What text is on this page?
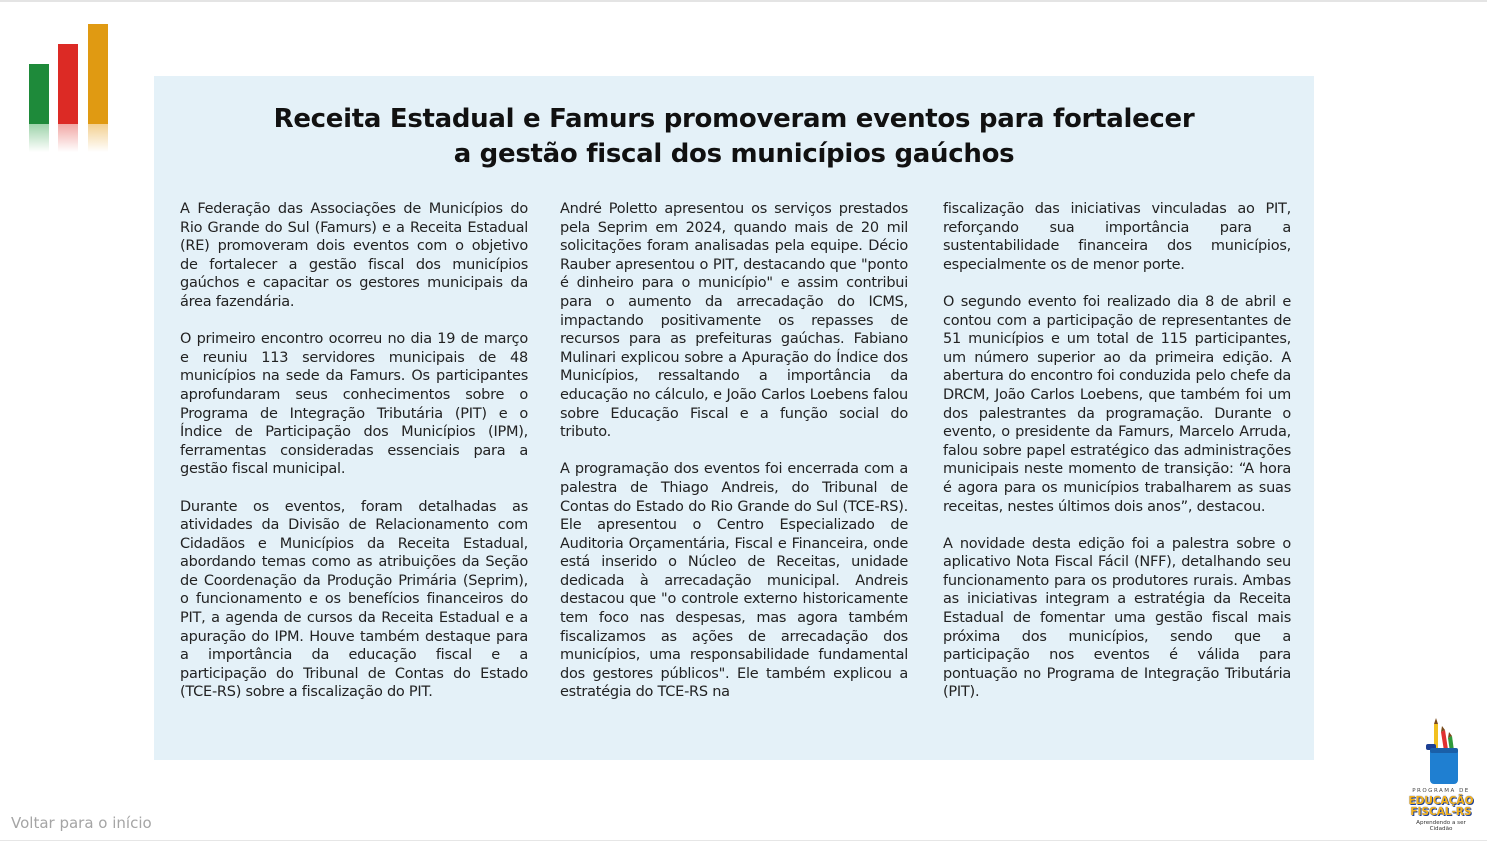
Receita Estadual e Famurs promoveram eventos para fortalecer
a gestão fiscal dos municípios gaúchos

A Federação das Associações de Municípios do Rio Grande do Sul (Famurs) e a Receita Estadual (RE) promoveram dois eventos com o objetivo de fortalecer a gestão fiscal dos municípios gaúchos e capacitar os gestores municipais da área fazendária.

O primeiro encontro ocorreu no dia 19 de março e reuniu 113 servidores municipais de 48 municípios na sede da Famurs. Os participantes aprofundaram seus conhecimentos sobre o Programa de Integração Tributária (PIT) e o Índice de Participação dos Municípios (IPM), ferramentas consideradas essenciais para a gestão fiscal municipal.

Durante os eventos, foram detalhadas as atividades da Divisão de Relacionamento com Cidadãos e Municípios da Receita Estadual, abordando temas como as atribuições da Seção de Coordenação da Produção Primária (Seprim), o funcionamento e os benefícios financeiros do PIT, a agenda de cursos da Receita Estadual e a apuração do IPM. Houve também destaque para a importância da educação fiscal e a participação do Tribunal de Contas do Estado (TCE-RS) sobre a fiscalização do PIT.

André Poletto apresentou os serviços prestados pela Seprim em 2024, quando mais de 20 mil solicitações foram analisadas pela equipe. Décio Rauber apresentou o PIT, destacando que "ponto é dinheiro para o município" e assim contribui para o aumento da arrecadação do ICMS, impactando positivamente os repasses de recursos para as prefeituras gaúchas. Fabiano Mulinari explicou sobre a Apuração do Índice dos Municípios, ressaltando a importância da educação no cálculo, e João Carlos Loebens falou sobre Educação Fiscal e a função social do tributo.

A programação dos eventos foi encerrada com a palestra de Thiago Andreis, do Tribunal de Contas do Estado do Rio Grande do Sul (TCE-RS). Ele apresentou o Centro Especializado de Auditoria Orçamentária, Fiscal e Financeira, onde está inserido o Núcleo de Receitas, unidade dedicada à arrecadação municipal. Andreis destacou que "o controle externo historicamente tem foco nas despesas, mas agora também fiscalizamos as ações de arrecadação dos municípios, uma responsabilidade fundamental dos gestores públicos". Ele também explicou a estratégia do TCE-RS na

fiscalização das iniciativas vinculadas ao PIT, reforçando sua importância para a sustentabilidade financeira dos municípios, especialmente os de menor porte.

O segundo evento foi realizado dia 8 de abril e contou com a participação de representantes de 51 municípios e um total de 115 participantes, um número superior ao da primeira edição. A abertura do encontro foi conduzida pelo chefe da DRCM, João Carlos Loebens, que também foi um dos palestrantes da programação. Durante o evento, o presidente da Famurs, Marcelo Arruda, falou sobre papel estratégico das administrações municipais neste momento de transição: “A hora é agora para os municípios trabalharem as suas receitas, nestes últimos dois anos”, destacou.

A novidade desta edição foi a palestra sobre o aplicativo Nota Fiscal Fácil (NFF), detalhando seu funcionamento para os produtores rurais. Ambas as iniciativas integram a estratégia da Receita Estadual de fomentar uma gestão fiscal mais próxima dos municípios, sendo que a participação nos eventos é válida para pontuação no Programa de Integração Tributária (PIT).

Voltar para o início
PROGRAMA DE
EDUCAÇÃO
FISCAL-RS
Aprendendo a ser Cidadão
